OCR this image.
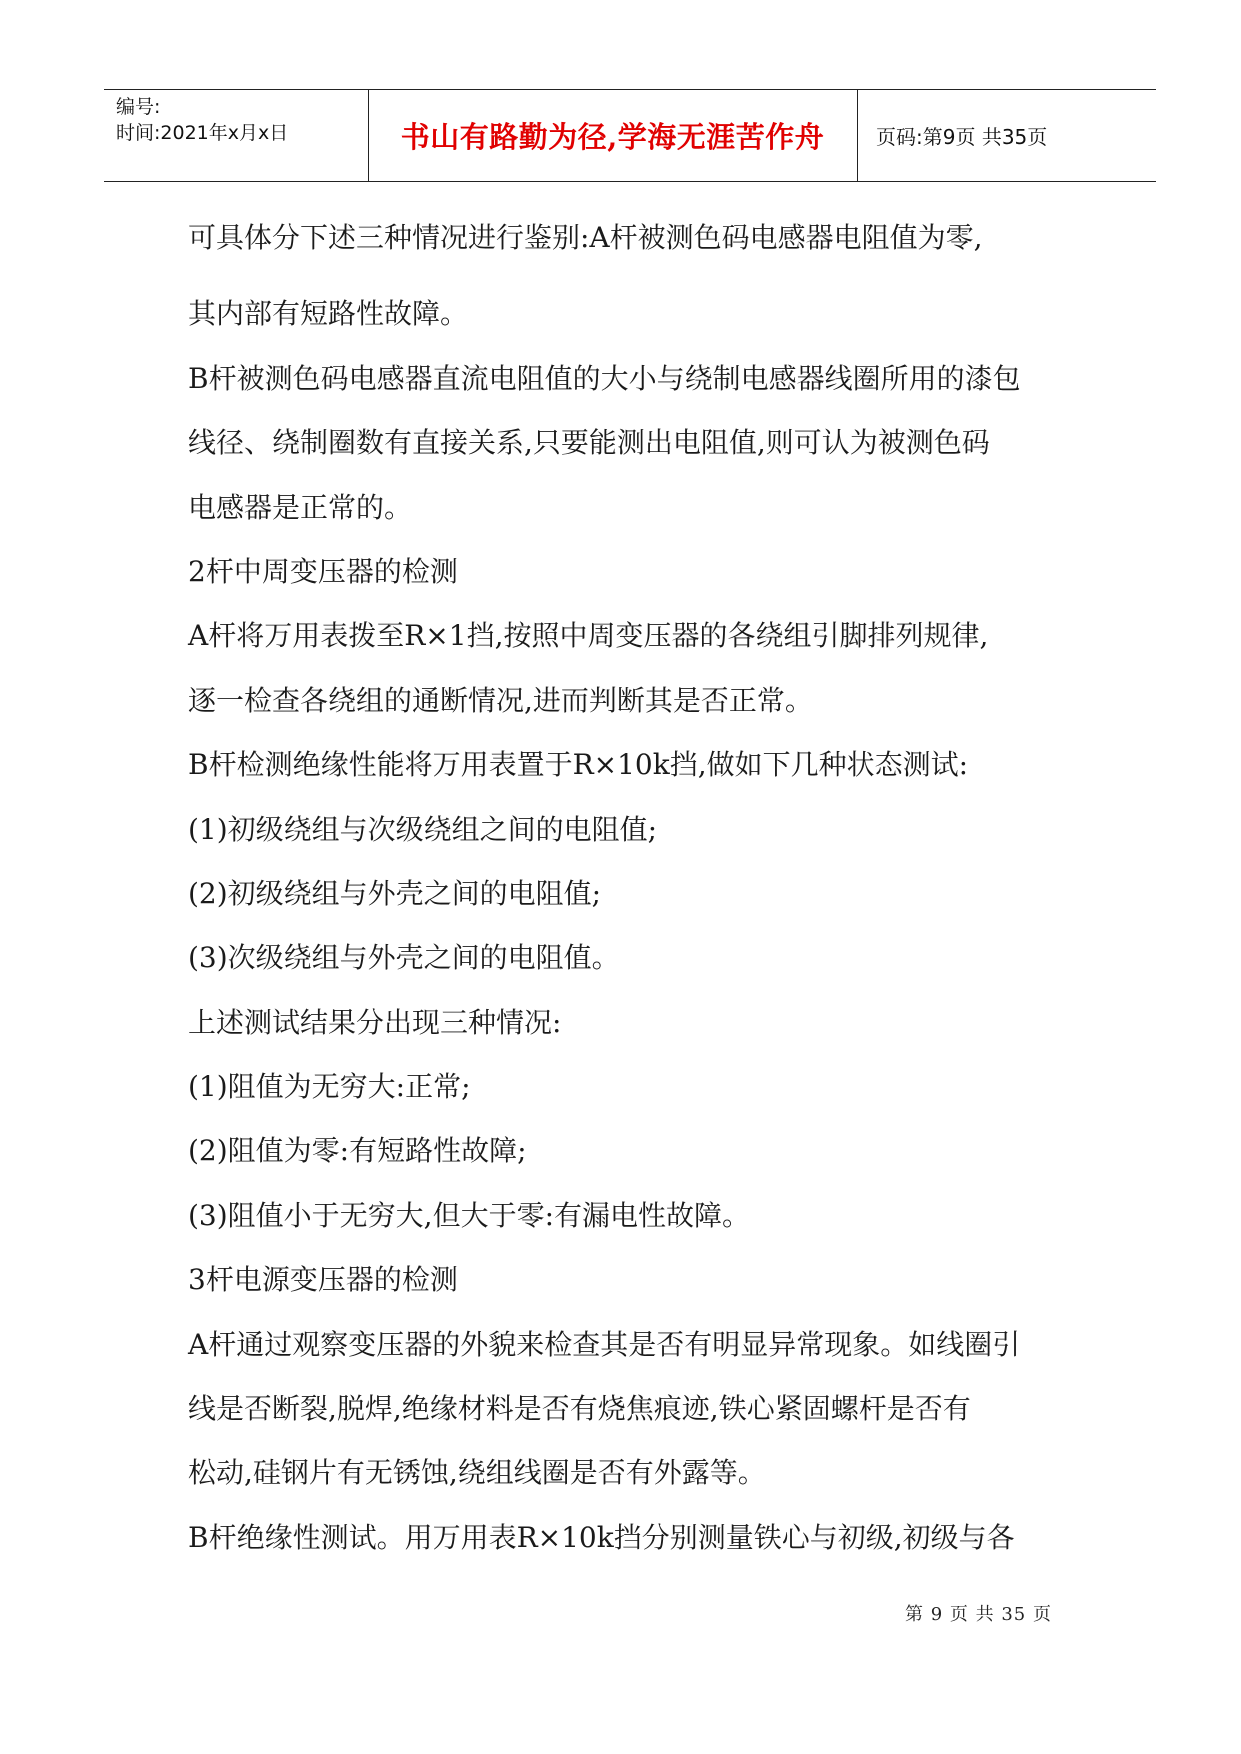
编号:
时间:2021年x月x日	书山有路勤为径,学海无涯苦作舟	页码:第9页 共35页

可具体分下述三种情况进行鉴别:A杆被测色码电感器电阻值为零,

其内部有短路性故障。

B杆被测色码电感器直流电阻值的大小与绕制电感器线圈所用的漆包

线径、绕制圈数有直接关系,只要能测出电阻值,则可认为被测色码

电感器是正常的。

2杆中周变压器的检测

A杆将万用表拨至R×1挡,按照中周变压器的各绕组引脚排列规律,

逐一检查各绕组的通断情况,进而判断其是否正常。

B杆检测绝缘性能将万用表置于R×10k挡,做如下几种状态测试:

(1)初级绕组与次级绕组之间的电阻值;

(2)初级绕组与外壳之间的电阻值;

(3)次级绕组与外壳之间的电阻值。

上述测试结果分出现三种情况:

(1)阻值为无穷大:正常;

(2)阻值为零:有短路性故障;

(3)阻值小于无穷大,但大于零:有漏电性故障。

3杆电源变压器的检测

A杆通过观察变压器的外貌来检查其是否有明显异常现象。如线圈引

线是否断裂,脱焊,绝缘材料是否有烧焦痕迹,铁心紧固螺杆是否有

松动,硅钢片有无锈蚀,绕组线圈是否有外露等。

B杆绝缘性测试。用万用表R×10k挡分别测量铁心与初级,初级与各

第 9 页 共 35 页
